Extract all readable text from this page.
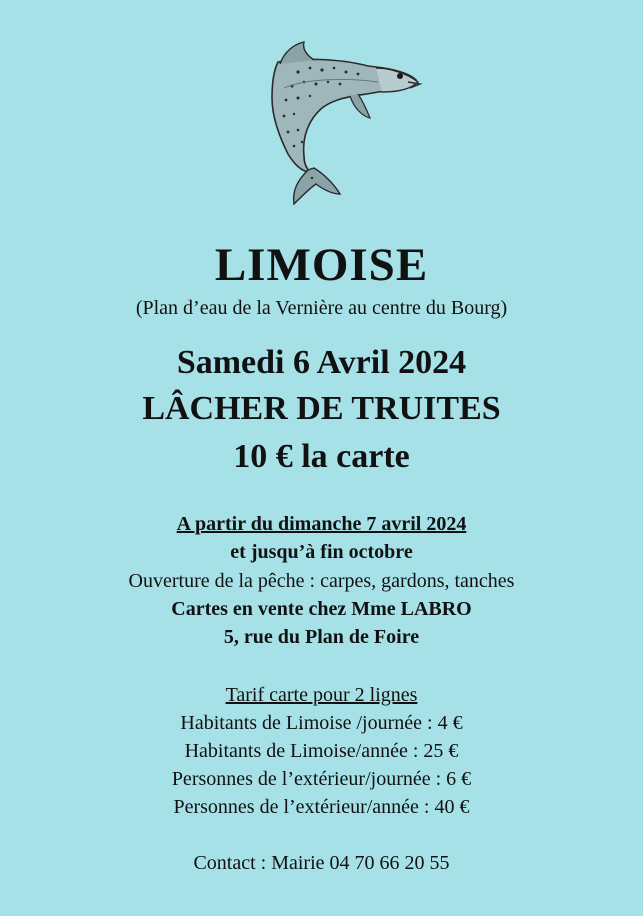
LIMOISE
(Plan d’eau de la Vernière au centre du Bourg)
Samedi 6 Avril 2024
LÂCHER DE TRUITES
10 € la carte
A partir du dimanche 7 avril 2024
et jusqu’à fin octobre
Ouverture de la pêche : carpes, gardons, tanches
Cartes en vente chez Mme LABRO
5, rue du Plan de Foire
Tarif carte pour 2 lignes
Habitants de Limoise /journée : 4 €
Habitants de Limoise/année : 25 €
Personnes de l’extérieur/journée : 6 €
Personnes de l’extérieur/année : 40 €
Contact : Mairie 04 70 66 20 55
